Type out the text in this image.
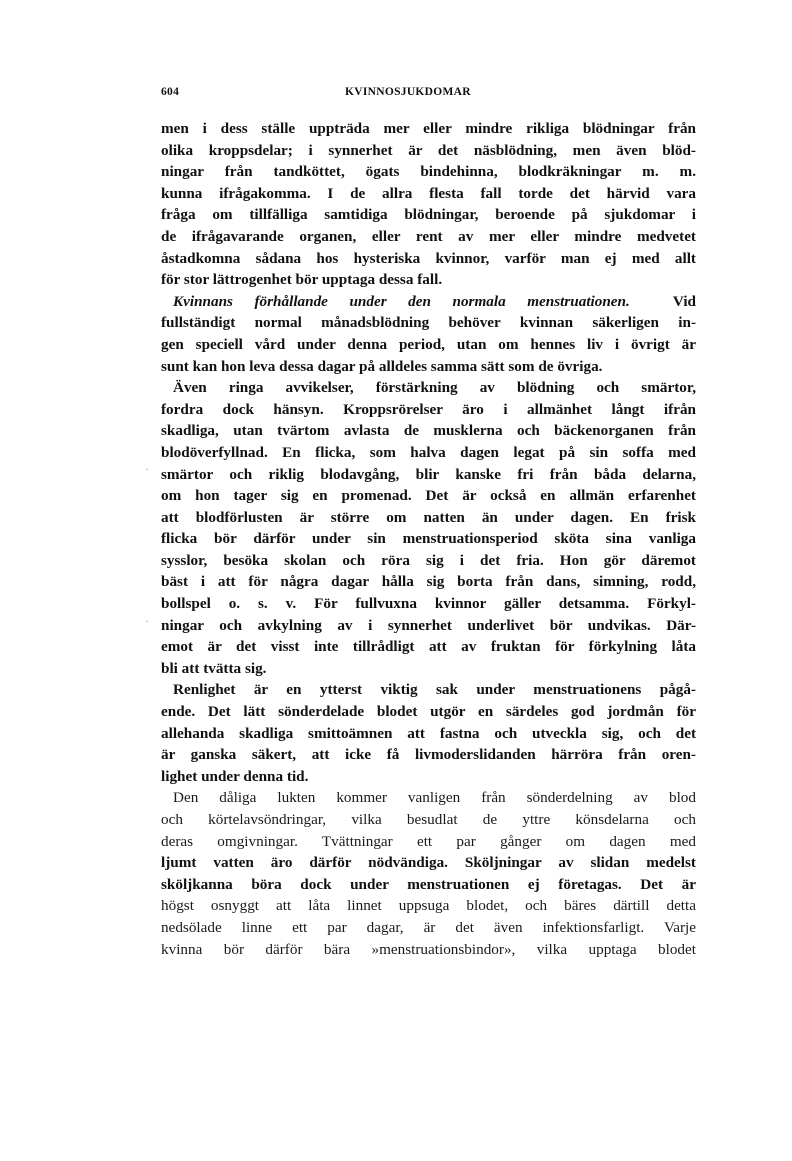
604	KVINNOSJUKDOMAR
men i dess ställe uppträda mer eller mindre rikliga blödningar från
olika kroppsdelar; i synnerhet är det näsblödning, men även blöd-
ningar från tandköttet, ögats bindehinna, blodkräkningar m. m.
kunna ifrågakomma. I de allra flesta fall torde det härvid vara
fråga om tillfälliga samtidiga blödningar, beroende på sjukdomar i
de ifrågavarande organen, eller rent av mer eller mindre medvetet
åstadkomna sådana hos hysteriska kvinnor, varför man ej med allt
för stor lättrogenhet bör upptaga dessa fall.
Kvinnans förhållande under den normala menstruationen.	Vid
fullständigt normal månadsblödning behöver kvinnan säkerligen in-
gen speciell vård under denna period, utan om hennes liv i övrigt är
sunt kan hon leva dessa dagar på alldeles samma sätt som de övriga.
Även ringa avvikelser, förstärkning av blödning och smärtor,
fordra dock hänsyn. Kroppsrörelser äro i allmänhet långt ifrån
skadliga, utan tvärtom avlasta de musklerna och bäckenorganen från
blodöverfyllnad. En flicka, som halva dagen legat på sin soffa med
smärtor och riklig blodavgång, blir kanske fri från båda delarna,
om hon tager sig en promenad. Det är också en allmän erfarenhet
att blodförlusten är större om natten än under dagen. En frisk
flicka bör därför under sin menstruationsperiod sköta sina vanliga
sysslor, besöka skolan och röra sig i det fria. Hon gör däremot
bäst i att för några dagar hålla sig borta från dans, simning, rodd,
bollspel o. s. v. För fullvuxna kvinnor gäller detsamma. Förkyl-
ningar och avkylning av i synnerhet underlivet bör undvikas. Där-
emot är det visst inte tillrådligt att av fruktan för förkylning låta
bli att tvätta sig.
Renlighet är en ytterst viktig sak under menstruationens pågå-
ende. Det lätt sönderdelade blodet utgör en särdeles god jordmån för
allehanda skadliga smittoämnen att fastna och utveckla sig, och det
är ganska säkert, att icke få livmoderslidanden härröra från oren-
lighet under denna tid.
Den dåliga lukten kommer vanligen från sönderdelning av blod
och körtelavsöndringar, vilka besudlat de yttre könsdelarna och
deras omgivningar. Tvättningar ett par gånger om dagen med
ljumt vatten äro därför nödvändiga. Sköljningar av slidan medelst
sköljkanna böra dock under menstruationen ej företagas. Det är
högst osnyggt att låta linnet uppsuga blodet, och bäres därtill detta
nedsölade linne ett par dagar, är det även infektionsfarligt. Varje
kvinna bör därför bära »menstruationsbindor», vilka upptaga blodet
.
.
